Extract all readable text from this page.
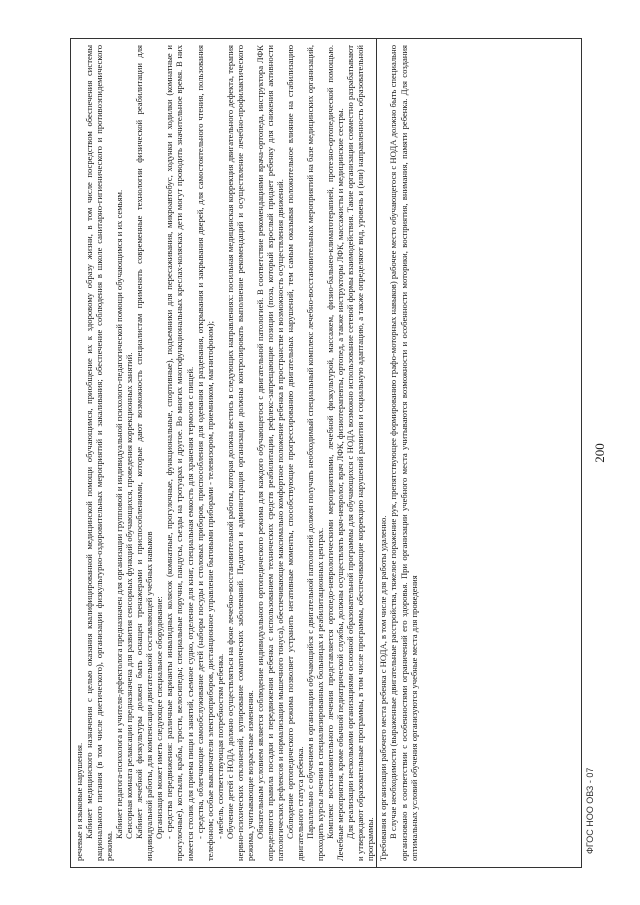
речевые и языковые нарушения. Кабинет медицинского назначения с целью оказания квалифицированной медицинской помощи обучающимся, приобщение их к здоровому образу жизни, в том числе посредством обеспечения системы рационального питания (в том числе диетического), организации физкультурно-оздоровительных мероприятий и закаливания; обеспечение соблюдения в школе санитарно-гигиенического и противоэпидемического режима.

Кабинет педагога-психолога и учителя-дефектолога предназначен для организации групповой и индивидуальной психолого-педагогической помощи обучающимся и их семьям. Сенсорная комната релаксации предназначена для развития сенсорных функций обучающихся, проведения коррекционных занятий. Кабинет лечебной физкультуры должен быть оснащен тренажерами и приспособлениями, которые дают возможность специалистам применять современные технологии физической реабилитации для индивидуальной работы, для компенсации двигательной составляющей учебных навыков Организация может иметь следующее специальное оборудование: - средства передвижения: различные варианты инвалидных колясок (комнатные, прогулочные, функциональные, спортивные), подъемники для пересаживания, микроавтобус, ходунки и ходилки (комнатные и прогулочные), костыли, крабы, трости, велосипеды; специальные поручни, пандусы, съезды на тротуарах и другое. Во многих многофункциональных креслах-колясках дети могут проводить значительное время. В них имеется столик для приема пищи и занятий, съемное судно, отделение для книг, специальная емкость для хранения термосов с пищей. - средства, облегчающие самообслуживание детей (наборы посуды и столовых приборов, приспособления для одевания и раздевания, открывания и закрывания дверей, для самостоятельного чтения, пользования телефоном; особые выключатели электроприборов, дистанционное управление бытовыми приборами - телевизором, приемником, магнитофоном); - мебель, соответствующая потребностям ребенка. Обучение детей с НОДА должно осуществляться на фоне лечебно-восстановительной работы, которая должна вестись в следующих направлениях: посильная медицинская коррекция двигательного дефекта, терапия нервно-психических отклонений, купирование соматических заболеваний. Педагоги и администрация организации должны контролировать выполнение рекомендаций и осуществление лечебно-профилактического режима, учитывающие возрастные изменения. Обязательным условием является соблюдение индивидуального ортопедического режима для каждого обучающегося с двигательной патологией. В соответствие рекомендациями врача-ортопеда, инструктора ЛФК определяются правила посадки и передвижения ребенка с использованием технических средств реабилитации, рефлекс-запрещающие позиции (поза, который взрослый придает ребенку для снижения активности патологических рефлексов и нормализации мышечного тонуса), обеспечивающие максимально комфортное положение ребенка в пространстве и возможность осуществления движений. Соблюдение ортопедического режима позволяет устранить негативные моменты, способствующие прогрессированию двигательных нарушений, тем самым оказывая положительное влияние на стабилизацию двигательного статуса ребенка. Параллельно с обучением в организации обучающийся с двигательной патологией должен получать необходимый специальный комплекс лечебно-восстановительных мероприятий на базе медицинских организаций, проходить курсы лечения в специализированных больницах и реабилитационных центрах. Комплекс восстановительного лечения представляется ортопедо-неврологическими мероприятиями, лечебной физкультурой, массажем, физио-бальнео-климатотерапией, протезно-ортопедической помощью. Лечебные мероприятия, кроме обычной педиатрической службы, должны осуществлять врач-невролог, врач ЛФК, физиотерапевты, ортопед, а также инструкторы ЛФК, массажисты и медицинские сестры. Для реализации несколькими организациями основной образовательной программы для обучающихся с НОДА возможно использование сетевой формы взаимодействия. Такие организации совместно разрабатывают и утверждают образовательные программы, в том числе программы, обеспечивающие коррекцию нарушений развития и социальную адаптацию, а также определяют вид, уровень и (или) направленность образовательной программы. Требования к организации рабочего места ребенка с НОДА, в том числе для работы удаленно. В случае необходимости (выраженные двигательные расстройства, тяжелое поражение рук, препятствующее формированию графо-моторных навыков) рабочее место обучающегося с НОДА должно быть специально организовано в соответствии с особенностями ограничений его здоровья. При организации учебного места учитываются возможности и особенности моторики, восприятия, внимания, памяти ребенка. Для создания оптимальных условий обучения организуются учебные места для проведения	ФГОС НОО ОВЗ - 07
200
